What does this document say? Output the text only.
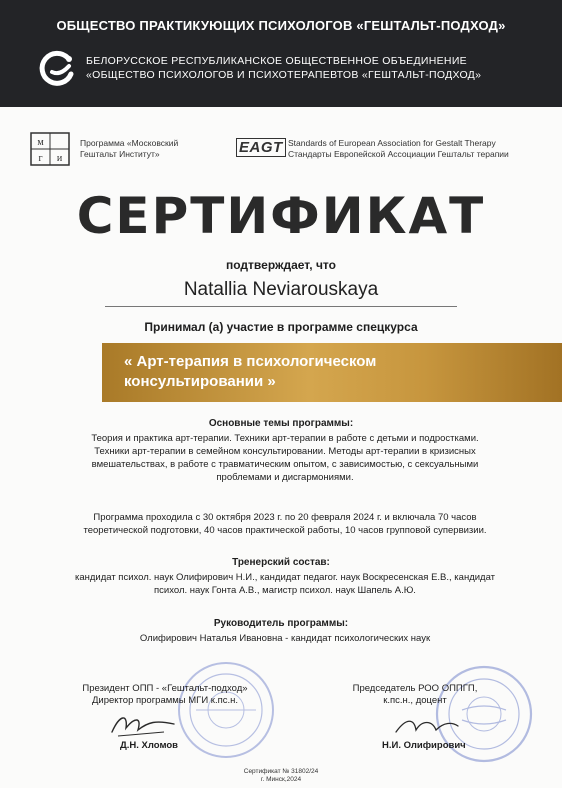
ОБЩЕСТВО ПРАКТИКУЮЩИХ ПСИХОЛОГОВ «ГЕШТАЛЬТ-ПОДХОД»
БЕЛОРУССКОЕ РЕСПУБЛИКАНСКОЕ ОБЩЕСТВЕННОЕ ОБЪЕДИНЕНИЕ
«ОБЩЕСТВО ПСИХОЛОГОВ И ПСИХОТЕРАПЕВТОВ «ГЕШТАЛЬТ-ПОДХОД»
м
г и
Программа «Московский
Гештальт Институт»	EAGT Standards of European Association for Gestalt Therapy
Стандарты Европейской Ассоциации Гештальт терапии
СЕРТИФИКАТ
подтверждает, что
Natallia Neviarouskaya
Принимал (а) участие в программе спецкурса
« Арт-терапия в психологическом
консультировании »
Основные темы программы:
Теория и практика арт-терапии. Техники арт-терапии в работе с детьми и подростками.
Техники арт-терапии в семейном консультировании. Методы арт-терапии в кризисных
вмешательствах, в работе с травматическим опытом, с зависимостью, с сексуальными
проблемами и дисгармониями.
Программа проходила с 30 октября 2023 г. по 20 февраля 2024 г. и включала 70 часов
теоретической подготовки, 40 часов практической работы, 10 часов групповой супервизии.
Тренерский состав:
кандидат психол. наук Олифирович Н.И., кандидат педагог. наук Воскресенская Е.В., кандидат
психол. наук Гонта А.В., магистр психол. наук Шапель А.Ю.
Руководитель программы:
Олифирович Наталья Ивановна - кандидат психологических наук
Президент ОПП - «Гештальт-подход»
Директор программы МГИ к.пс.н.
Д.Н. Хломов
Председатель РОО ОППГП,
к.пс.н., доцент
Н.И. Олифирович
Сертификат № 31802/24
г. Минск,2024
